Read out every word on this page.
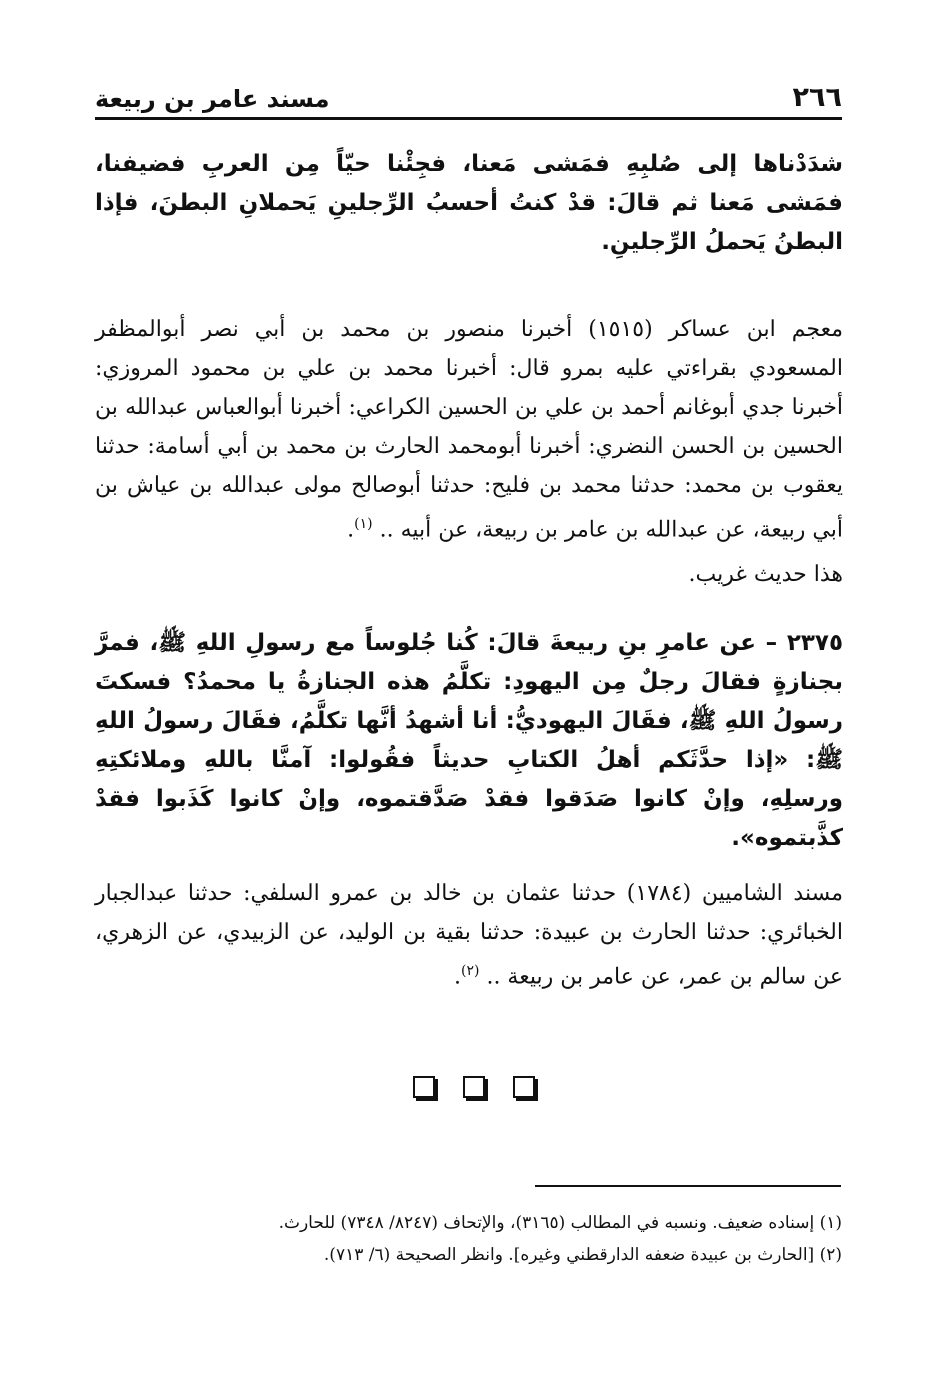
٢٦٦
مسند عامر بن ربيعة

شدَدْناها إلى صُلبِهِ فمَشى مَعنا، فجِئْنا حيّاً مِن العربِ فضيفنا، فمَشى مَعنا ثم قالَ: قدْ كنتُ أحسبُ الرِّجلينِ يَحملانِ البطنَ، فإذا البطنُ يَحملُ الرِّجلينِ.

معجم ابن عساكر (١٥١٥) أخبرنا منصور بن محمد بن أبي نصر أبوالمظفر المسعودي بقراءتي عليه بمرو قال: أخبرنا محمد بن علي بن محمود المروزي: أخبرنا جدي أبوغانم أحمد بن علي بن الحسين الكراعي: أخبرنا أبوالعباس عبدالله بن الحسين بن الحسن النضري: أخبرنا أبومحمد الحارث بن محمد بن أبي أسامة: حدثنا يعقوب بن محمد: حدثنا محمد بن فليح: حدثنا أبوصالح مولى عبدالله بن عياش بن أبي ربيعة، عن عبدالله بن عامر بن ربيعة، عن أبيه .. $^{(١)}$.

هذا حديث غريب.

٢٣٧٥ – عن عامرِ بنِ ربيعةَ قالَ: كُنا جُلوساً مع رسولِ اللهِ ﷺ، فمرَّ بجنازةٍ فقالَ رجلٌ مِن اليهودِ: تكلَّمُ هذه الجنازةُ يا محمدُ؟ فسكتَ رسولُ اللهِ ﷺ، فقَالَ اليهوديُّ: أنا أشهدُ أنَّها تكلَّمُ، فقَالَ رسولُ اللهِ ﷺ: «إذا حدَّثَكم أهلُ الكتابِ حديثاً فقُولوا: آمنَّا باللهِ وملائكتِهِ ورسلِهِ، وإنْ كانوا صَدَقوا فقدْ صَدَّقتموه، وإنْ كانوا كَذَبوا فقدْ كذَّبتموه».

مسند الشاميين (١٧٨٤) حدثنا عثمان بن خالد بن عمرو السلفي: حدثنا عبدالجبار الخبائري: حدثنا الحارث بن عبيدة: حدثنا بقية بن الوليد، عن الزبيدي، عن الزهري، عن سالم بن عمر، عن عامر بن ربيعة .. $^{(٢)}$.

(١) إسناده ضعيف. ونسبه في المطالب (٣١٦٥)، والإتحاف (٨٢٤٧/ ٧٣٤٨) للحارث.

(٢) [الحارث بن عبيدة ضعفه الدارقطني وغيره]. وانظر الصحيحة (٦/ ٧١٣).
